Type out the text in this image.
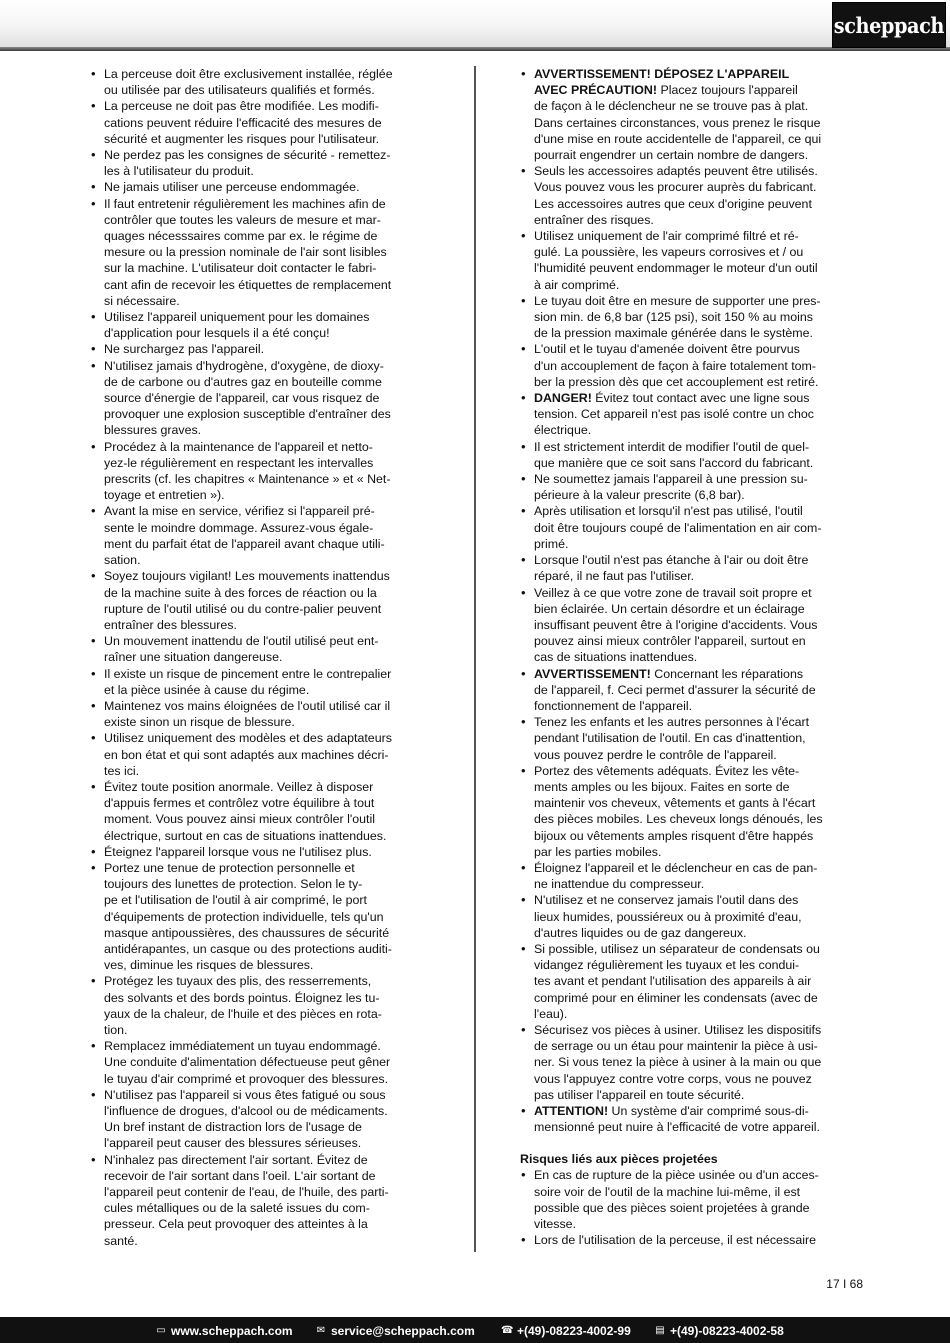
scheppach
• La perceuse doit être exclusivement installée, réglée
ou utilisée par des utilisateurs qualifiés et formés.
• La perceuse ne doit pas être modifiée. Les modifi-
cations peuvent réduire l'efficacité des mesures de
sécurité et augmenter les risques pour l'utilisateur.
• Ne perdez pas les consignes de sécurité - remettez-
les à l'utilisateur du produit.
• Ne jamais utiliser une perceuse endommagée.
• Il faut entretenir régulièrement les machines afin de
contrôler que toutes les valeurs de mesure et mar-
quages nécesssaires comme par ex. le régime de
mesure ou la pression nominale de l'air sont lisibles
sur la machine. L'utilisateur doit contacter le fabri-
cant afin de recevoir les étiquettes de remplacement
si nécessaire.
• Utilisez l'appareil uniquement pour les domaines
d'application pour lesquels il a été conçu!
• Ne surchargez pas l'appareil.
• N'utilisez jamais d'hydrogène, d'oxygène, de dioxy-
de de carbone ou d'autres gaz en bouteille comme
source d'énergie de l'appareil, car vous risquez de
provoquer une explosion susceptible d'entraîner des
blessures graves.
• Procédez à la maintenance de l'appareil et netto-
yez-le régulièrement en respectant les intervalles
prescrits (cf. les chapitres « Maintenance » et « Net-
toyage et entretien »).
• Avant la mise en service, vérifiez si l'appareil pré-
sente le moindre dommage. Assurez-vous égale-
ment du parfait état de l'appareil avant chaque utili-
sation.
• Soyez toujours vigilant! Les mouvements inattendus
de la machine suite à des forces de réaction ou la
rupture de l'outil utilisé ou du contre-palier peuvent
entraîner des blessures.
• Un mouvement inattendu de l'outil utilisé peut ent-
raîner une situation dangereuse.
• Il existe un risque de pincement entre le contrepalier
et la pièce usinée à cause du régime.
• Maintenez vos mains éloignées de l'outil utilisé car il
existe sinon un risque de blessure.
• Utilisez uniquement des modèles et des adaptateurs
en bon état et qui sont adaptés aux machines décri-
tes ici.
• Évitez toute position anormale. Veillez à disposer
d'appuis fermes et contrôlez votre équilibre à tout
moment. Vous pouvez ainsi mieux contrôler l'outil
électrique, surtout en cas de situations inattendues.
• Éteignez l'appareil lorsque vous ne l'utilisez plus.
• Portez une tenue de protection personnelle et
toujours des lunettes de protection. Selon le ty-
pe et l'utilisation de l'outil à air comprimé, le port
d'équipements de protection individuelle, tels qu'un
masque antipoussières, des chaussures de sécurité
antidérapantes, un casque ou des protections auditi-
ves, diminue les risques de blessures.
• Protégez les tuyaux des plis, des resserrements,
des solvants et des bords pointus. Éloignez les tu-
yaux de la chaleur, de l'huile et des pièces en rota-
tion.
• Remplacez immédiatement un tuyau endommagé.
Une conduite d'alimentation défectueuse peut gêner
le tuyau d'air comprimé et provoquer des blessures.
• N'utilisez pas l'appareil si vous êtes fatigué ou sous
l'influence de drogues, d'alcool ou de médicaments.
Un bref instant de distraction lors de l'usage de
l'appareil peut causer des blessures sérieuses.
• N'inhalez pas directement l'air sortant. Évitez de
recevoir de l'air sortant dans l'oeil. L'air sortant de
l'appareil peut contenir de l'eau, de l'huile, des parti-
cules métalliques ou de la saleté issues du com-
presseur. Cela peut provoquer des atteintes à la
santé.
• AVVERTISSEMENT! DÉPOSEZ L'APPAREIL
AVEC PRÉCAUTION! Placez toujours l'appareil
de façon à le déclencheur ne se trouve pas à plat.
Dans certaines circonstances, vous prenez le risque
d'une mise en route accidentelle de l'appareil, ce qui
pourrait engendrer un certain nombre de dangers.
• Seuls les accessoires adaptés peuvent être utilisés.
Vous pouvez vous les procurer auprès du fabricant.
Les accessoires autres que ceux d'origine peuvent
entraîner des risques.
• Utilisez uniquement de l'air comprimé filtré et ré-
gulé. La poussière, les vapeurs corrosives et / ou
l'humidité peuvent endommager le moteur d'un outil
à air comprimé.
• Le tuyau doit être en mesure de supporter une pres-
sion min. de 6,8 bar (125 psi), soit 150 % au moins
de la pression maximale générée dans le système.
• L'outil et le tuyau d'amenée doivent être pourvus
d'un accouplement de façon à faire totalement tom-
ber la pression dès que cet accouplement est retiré.
• DANGER! Évitez tout contact avec une ligne sous
tension. Cet appareil n'est pas isolé contre un choc
électrique.
• Il est strictement interdit de modifier l'outil de quel-
que manière que ce soit sans l'accord du fabricant.
• Ne soumettez jamais l'appareil à une pression su-
périeure à la valeur prescrite (6,8 bar).
• Après utilisation et lorsqu'il n'est pas utilisé, l'outil
doit être toujours coupé de l'alimentation en air com-
primé.
• Lorsque l'outil n'est pas étanche à l'air ou doit être
réparé, il ne faut pas l'utiliser.
• Veillez à ce que votre zone de travail soit propre et
bien éclairée. Un certain désordre et un éclairage
insuffisant peuvent être à l'origine d'accidents. Vous
pouvez ainsi mieux contrôler l'appareil, surtout en
cas de situations inattendues.
• AVVERTISSEMENT! Concernant les réparations
de l'appareil, f. Ceci permet d'assurer la sécurité de
fonctionnement de l'appareil.
• Tenez les enfants et les autres personnes à l'écart
pendant l'utilisation de l'outil. En cas d'inattention,
vous pouvez perdre le contrôle de l'appareil.
• Portez des vêtements adéquats. Évitez les vête-
ments amples ou les bijoux. Faites en sorte de
maintenir vos cheveux, vêtements et gants à l'écart
des pièces mobiles. Les cheveux longs dénoués, les
bijoux ou vêtements amples risquent d'être happés
par les parties mobiles.
• Éloignez l'appareil et le déclencheur en cas de pan-
ne inattendue du compresseur.
• N'utilisez et ne conservez jamais l'outil dans des
lieux humides, poussiéreux ou à proximité d'eau,
d'autres liquides ou de gaz dangereux.
• Si possible, utilisez un séparateur de condensats ou
vidangez régulièrement les tuyaux et les condui-
tes avant et pendant l'utilisation des appareils à air
comprimé pour en éliminer les condensats (avec de
l'eau).
• Sécurisez vos pièces à usiner. Utilisez les dispositifs
de serrage ou un étau pour maintenir la pièce à usi-
ner. Si vous tenez la pièce à usiner à la main ou que
vous l'appuyez contre votre corps, vous ne pouvez
pas utiliser l'appareil en toute sécurité.
• ATTENTION! Un système d'air comprimé sous-di-
mensionné peut nuire à l'efficacité de votre appareil.
Risques liés aux pièces projetées
• En cas de rupture de la pièce usinée ou d'un acces-
soire voir de l'outil de la machine lui-même, il est
possible que des pièces soient projetées à grande
vitesse.
• Lors de l'utilisation de la perceuse, il est nécessaire
17 I 68
▭ www.scheppach.com ✉ service@scheppach.com	☎ +(49)-08223-4002-99 ▤ +(49)-08223-4002-58
